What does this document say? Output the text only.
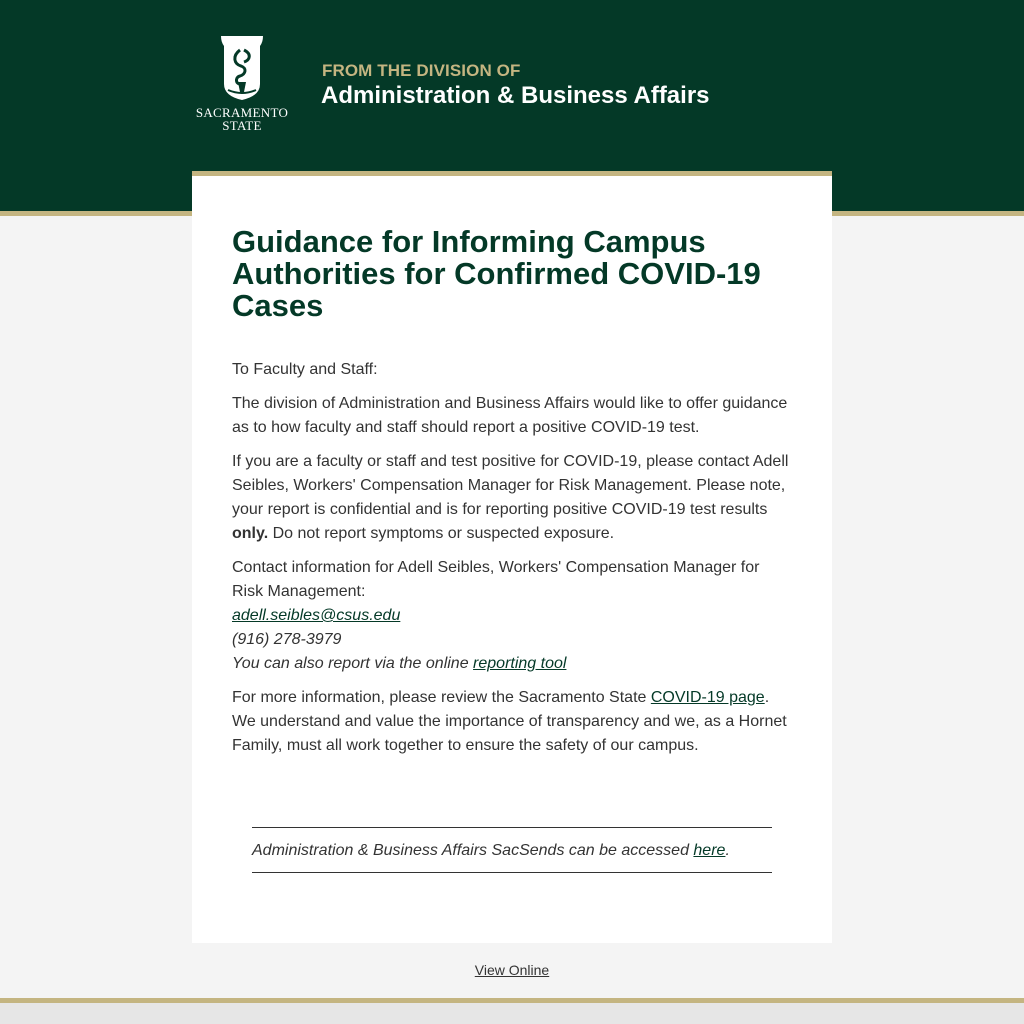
SACRAMENTO
STATE

FROM THE DIVISION OF

Administration & Business Affairs

Guidance for Informing Campus Authorities for Confirmed COVID-19 Cases

To Faculty and Staff:

The division of Administration and Business Affairs would like to offer guidance as to how faculty and staff should report a positive COVID-19 test.

If you are a faculty or staff and test positive for COVID-19, please contact Adell Seibles, Workers' Compensation Manager for Risk Management. Please note, your report is confidential and is for reporting positive COVID-19 test results only. Do not report symptoms or suspected exposure.

Contact information for Adell Seibles, Workers' Compensation Manager for Risk Management:
adell.seibles@csus.edu
(916) 278-3979
You can also report via the online reporting tool

For more information, please review the Sacramento State COVID-19 page. We understand and value the importance of transparency and we, as a Hornet Family, must all work together to ensure the safety of our campus.

Administration & Business Affairs SacSends can be accessed here.
View Online
